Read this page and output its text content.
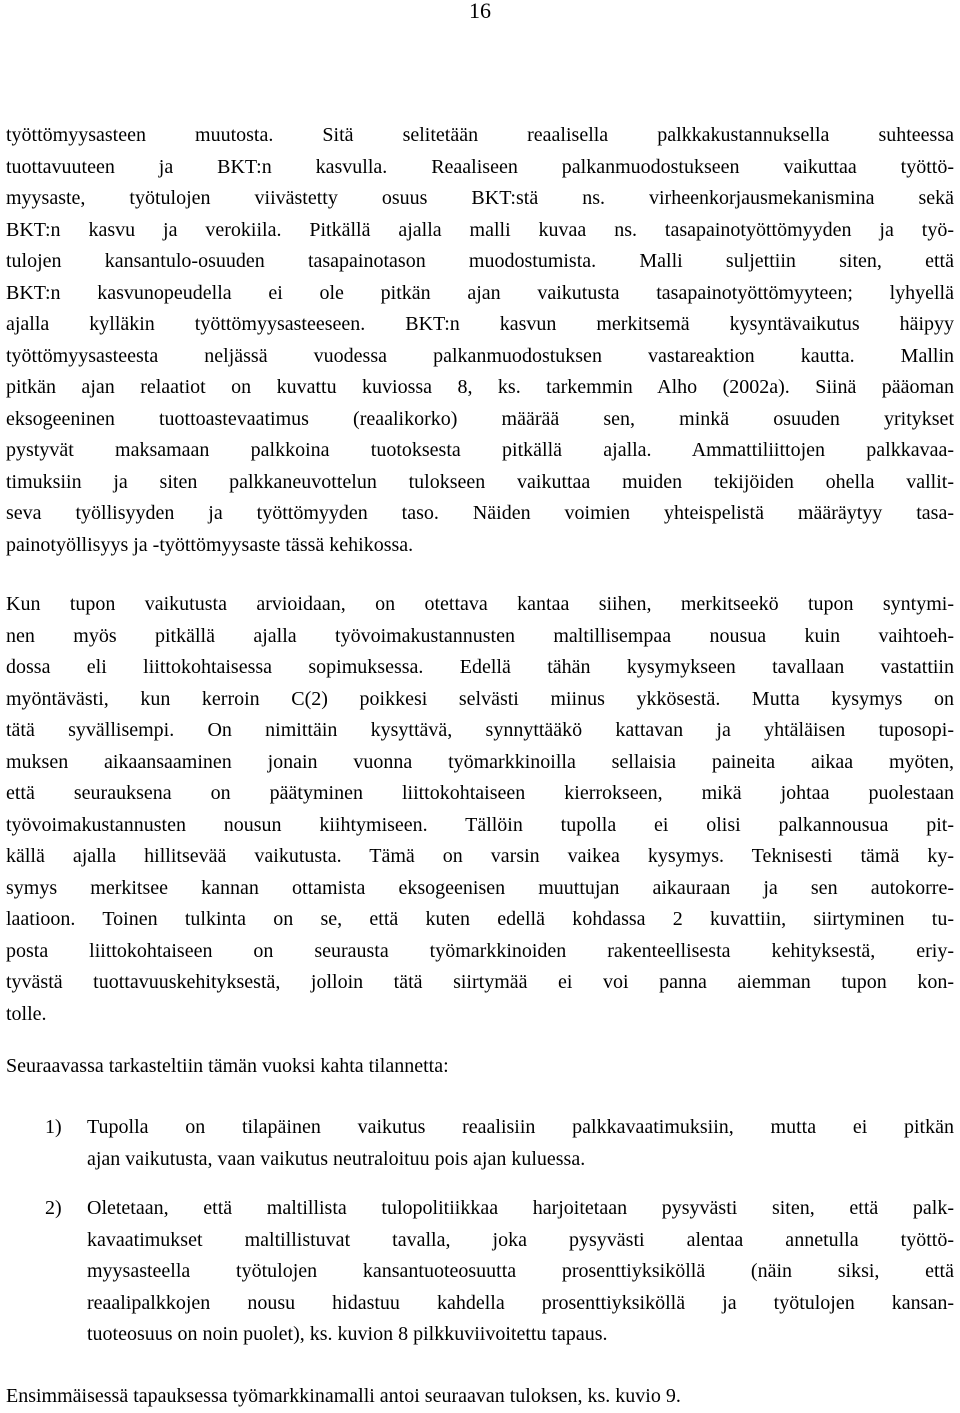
16
työttömyysasteen muutosta. Sitä selitetään reaalisella palkkakustannuksella suhteessa
tuottavuuteen ja BKT:n kasvulla. Reaaliseen palkanmuodostukseen vaikuttaa työttö-
myysaste, työtulojen viivästetty osuus BKT:stä ns. virheenkorjausmekanismina sekä
BKT:n kasvu ja verokiila. Pitkällä ajalla malli kuvaa ns. tasapainotyöttömyyden ja työ-
tulojen kansantulo-osuuden tasapainotason muodostumista. Malli suljettiin siten, että
BKT:n kasvunopeudella ei ole pitkän ajan vaikutusta tasapainotyöttömyyteen; lyhyellä
ajalla kylläkin työttömyysasteeseen. BKT:n kasvun merkitsemä kysyntävaikutus häipyy
työttömyysasteesta neljässä vuodessa palkanmuodostuksen vastareaktion kautta. Mallin
pitkän ajan relaatiot on kuvattu kuviossa 8, ks. tarkemmin Alho (2002a). Siinä pääoman
eksogeeninen tuottoastevaatimus (reaalikorko) määrää sen, minkä osuuden yritykset
pystyvät maksamaan palkkoina tuotoksesta pitkällä ajalla. Ammattiliittojen palkkavaa-
timuksiin ja siten palkkaneuvottelun tulokseen vaikuttaa muiden tekijöiden ohella vallit-
seva työllisyyden ja työttömyyden taso. Näiden voimien yhteispelistä määräytyy tasa-
painotyöllisyys ja -työttömyysaste tässä kehikossa.
Kun tupon vaikutusta arvioidaan, on otettava kantaa siihen, merkitseekö tupon syntymi-
nen myös pitkällä ajalla työvoimakustannusten maltillisempaa nousua kuin vaihtoeh-
dossa eli liittokohtaisessa sopimuksessa. Edellä tähän kysymykseen tavallaan vastattiin
myöntävästi, kun kerroin C(2) poikkesi selvästi miinus ykkösestä. Mutta kysymys on
tätä syvällisempi. On nimittäin kysyttävä, synnyttääkö kattavan ja yhtäläisen tuposopi-
muksen aikaansaaminen jonain vuonna työmarkkinoilla sellaisia paineita aikaa myöten,
että seurauksena on päätyminen liittokohtaiseen kierrokseen, mikä johtaa puolestaan
työvoimakustannusten nousun kiihtymiseen. Tällöin tupolla ei olisi palkannousua pit-
källä ajalla hillitsevää vaikutusta. Tämä on varsin vaikea kysymys. Teknisesti tämä ky-
symys merkitsee kannan ottamista eksogeenisen muuttujan aikauraan ja sen autokorre-
laatioon. Toinen tulkinta on se, että kuten edellä kohdassa 2 kuvattiin, siirtyminen tu-
posta liittokohtaiseen on seurausta työmarkkinoiden rakenteellisesta kehityksestä, eriy-
tyvästä tuottavuuskehityksestä, jolloin tätä siirtymää ei voi panna aiemman tupon kon-
tolle.
Seuraavassa tarkasteltiin tämän vuoksi kahta tilannetta:
1) Tupolla on tilapäinen vaikutus reaalisiin palkkavaatimuksiin, mutta ei pitkän
ajan vaikutusta, vaan vaikutus neutraloituu pois ajan kuluessa.
2) Oletetaan, että maltillista tulopolitiikkaa harjoitetaan pysyvästi siten, että palk-
kavaatimukset maltillistuvat tavalla, joka pysyvästi alentaa annetulla työttö-
myysasteella työtulojen kansantuoteosuutta prosenttiyksiköllä (näin siksi, että
reaalipalkkojen nousu hidastuu kahdella prosenttiyksiköllä ja työtulojen kansan-
tuoteosuus on noin puolet), ks. kuvion 8 pilkkuviivoitettu tapaus.
Ensimmäisessä tapauksessa työmarkkinamalli antoi seuraavan tuloksen, ks. kuvio 9.
